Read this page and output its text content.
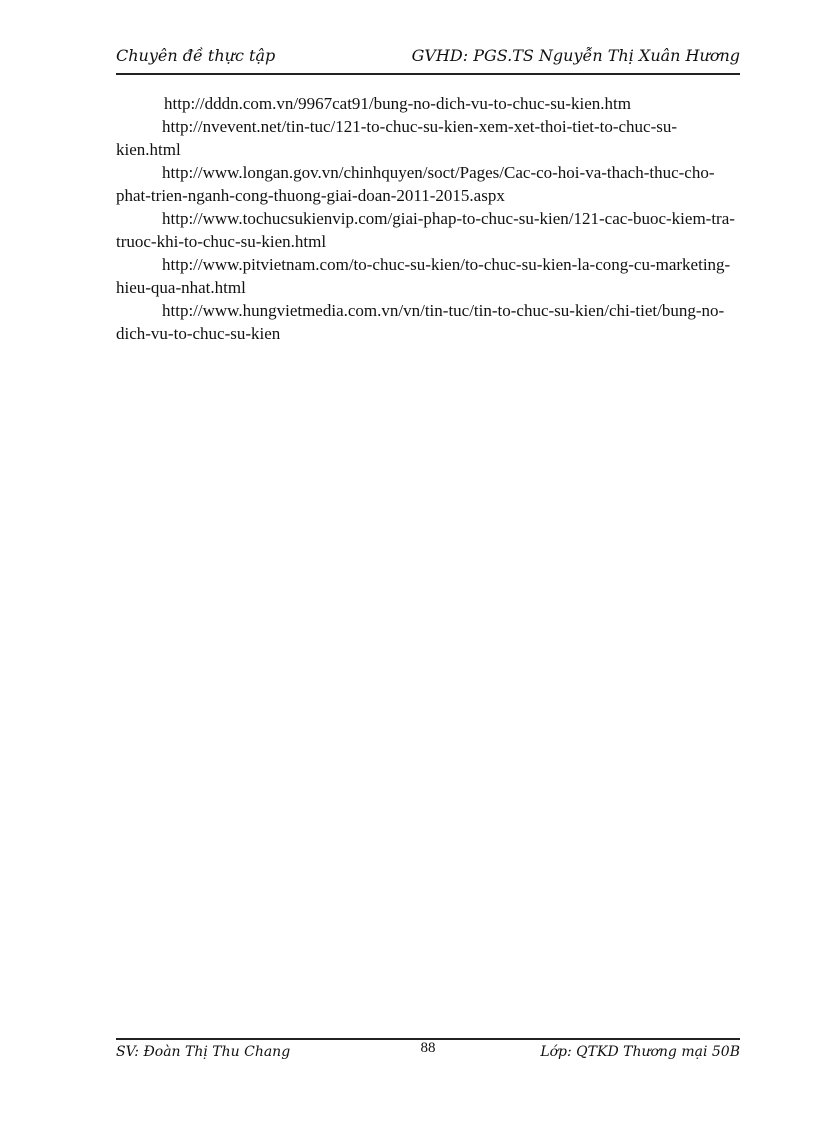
Chuyên đề thực tập	GVHD: PGS.TS Nguyễn Thị Xuân Hương

http://dddn.com.vn/9967cat91/bung-no-dich-vu-to-chuc-su-kien.htm

http://nvevent.net/tin-tuc/121-to-chuc-su-kien-xem-xet-thoi-tiet-to-chuc-su-kien.html

http://www.longan.gov.vn/chinhquyen/soct/Pages/Cac-co-hoi-va-thach-thuc-cho-phat-trien-nganh-cong-thuong-giai-doan-2011-2015.aspx

http://www.tochucsukienvip.com/giai-phap-to-chuc-su-kien/121-cac-buoc-kiem-tra-truoc-khi-to-chuc-su-kien.html

http://www.pitvietnam.com/to-chuc-su-kien/to-chuc-su-kien-la-cong-cu-marketing-hieu-qua-nhat.html

http://www.hungvietmedia.com.vn/vn/tin-tuc/tin-to-chuc-su-kien/chi-tiet/bung-no-dich-vu-to-chuc-su-kien

SV: Đoàn Thị Thu Chang	88	Lớp: QTKD Thương mại 50B
